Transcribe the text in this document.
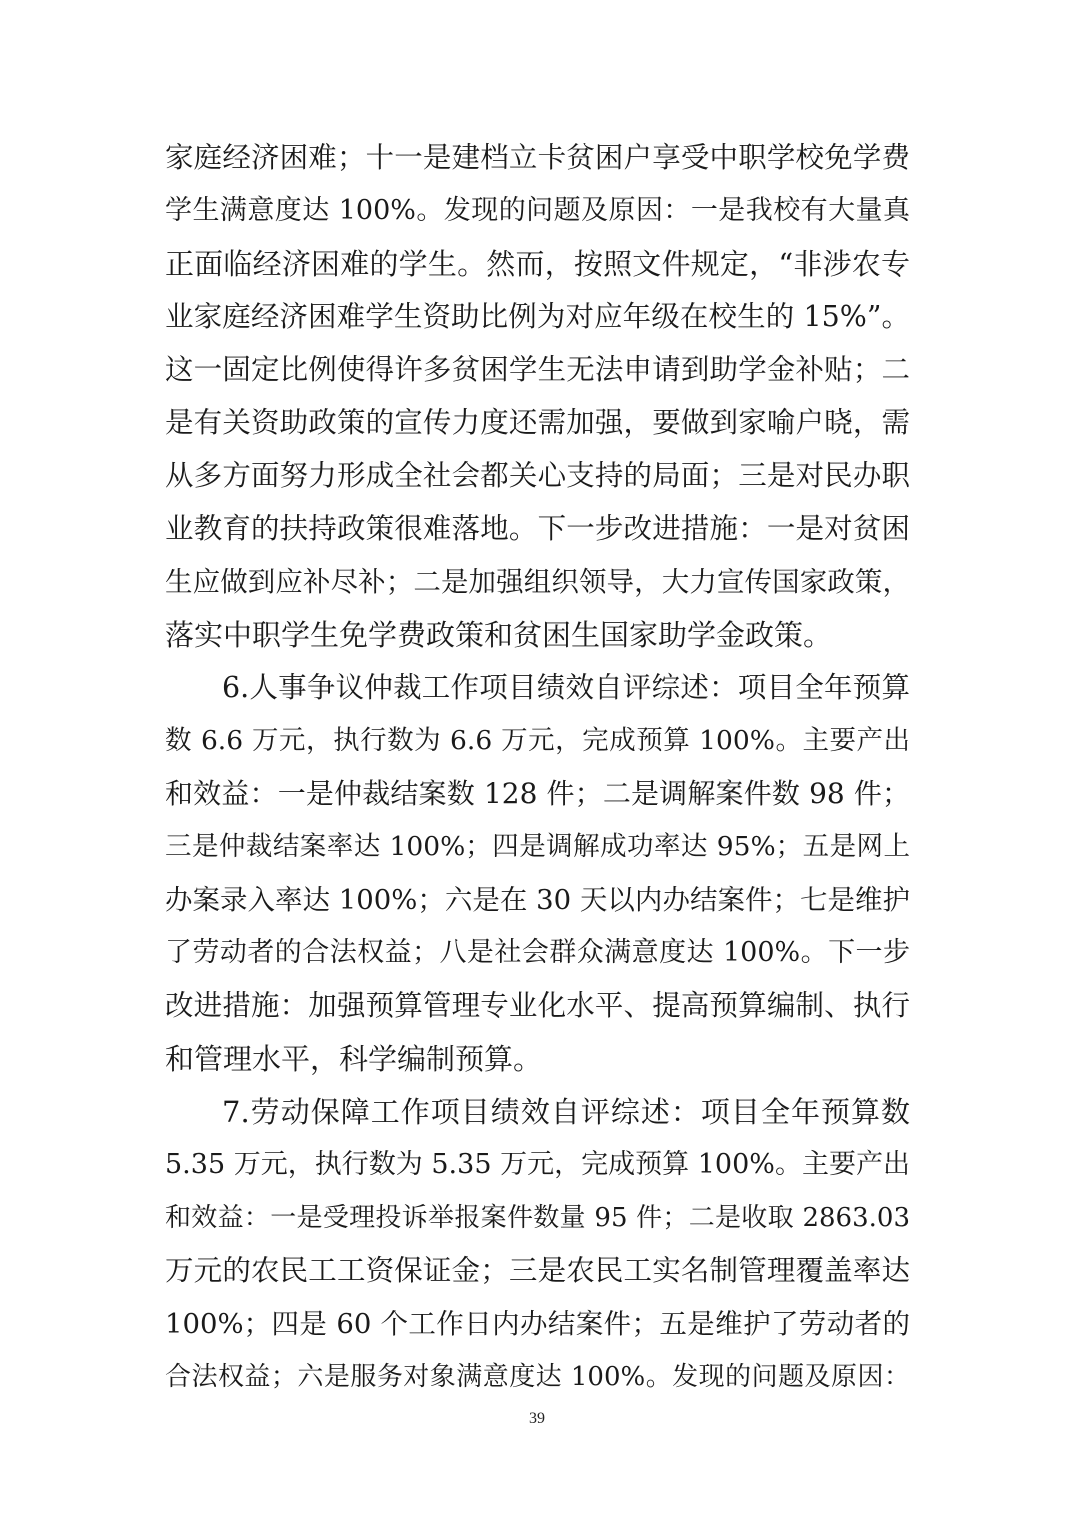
家庭经济困难；十一是建档立卡贫困户享受中职学校免学费
学生满意度达 100%。发现的问题及原因：一是我校有大量真
正面临经济困难的学生。然而，按照文件规定，“非涉农专
业家庭经济困难学生资助比例为对应年级在校生的 15%”。
这一固定比例使得许多贫困学生无法申请到助学金补贴；二
是有关资助政策的宣传力度还需加强，要做到家喻户晓，需
从多方面努力形成全社会都关心支持的局面；三是对民办职
业教育的扶持政策很难落地。下一步改进措施：一是对贫困
生应做到应补尽补；二是加强组织领导，大力宣传国家政策，
落实中职学生免学费政策和贫困生国家助学金政策。
6.人事争议仲裁工作项目绩效自评综述：项目全年预算
数 6.6 万元，执行数为 6.6 万元，完成预算 100%。主要产出
和效益：一是仲裁结案数 128 件；二是调解案件数 98 件；
三是仲裁结案率达 100%；四是调解成功率达 95%；五是网上
办案录入率达 100%；六是在 30 天以内办结案件；七是维护
了劳动者的合法权益；八是社会群众满意度达 100%。下一步
改进措施：加强预算管理专业化水平、提高预算编制、执行
和管理水平，科学编制预算。
7.劳动保障工作项目绩效自评综述：项目全年预算数
5.35 万元，执行数为 5.35 万元，完成预算 100%。主要产出
和效益：一是受理投诉举报案件数量 95 件；二是收取 2863.03
万元的农民工工资保证金；三是农民工实名制管理覆盖率达
100%；四是 60 个工作日内办结案件；五是维护了劳动者的
合法权益；六是服务对象满意度达 100%。发现的问题及原因：
39
